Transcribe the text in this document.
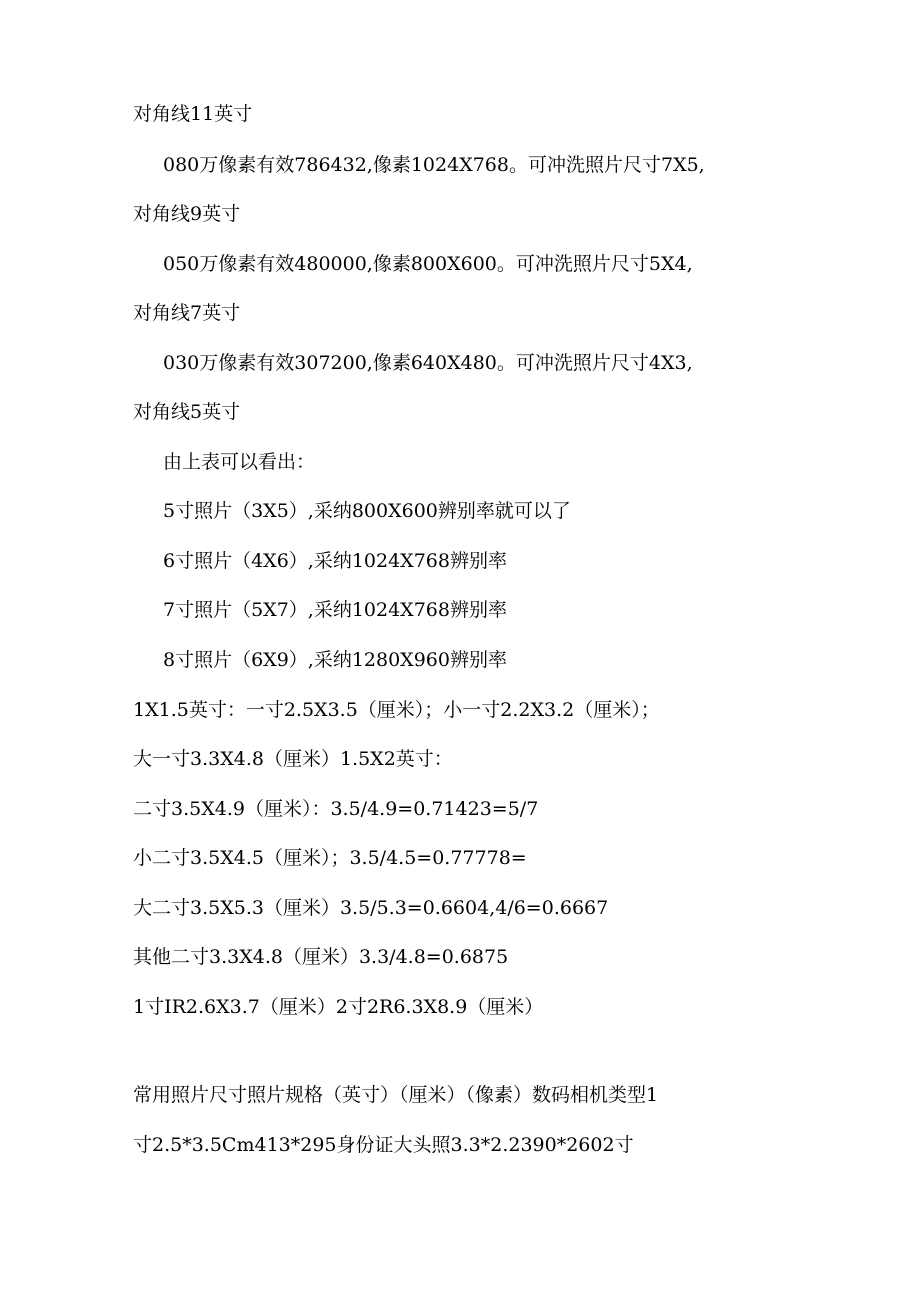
对角线11英寸
080万像素有效786432,像素1024X768。可冲洗照片尺寸7X5,
对角线9英寸
050万像素有效480000,像素800X600。可冲洗照片尺寸5X4,
对角线7英寸
030万像素有效307200,像素640X480。可冲洗照片尺寸4X3,
对角线5英寸
由上表可以看出：
5寸照片（3X5）,采纳800X600辨别率就可以了
6寸照片（4X6）,采纳1024X768辨别率
7寸照片（5X7）,采纳1024X768辨别率
8寸照片（6X9）,采纳1280X960辨别率
1X1.5英寸：一寸2.5X3.5（厘米）；小一寸2.2X3.2（厘米）；
大一寸3.3X4.8（厘米）1.5X2英寸：
二寸3.5X4.9（厘米）：3.5/4.9=0.71423=5/7
小二寸3.5X4.5（厘米）；3.5/4.5=0.77778=
大二寸3.5X5.3（厘米）3.5/5.3=0.6604,4/6=0.6667
其他二寸3.3X4.8（厘米）3.3/4.8=0.6875
1寸IR2.6X3.7（厘米）2寸2R6.3X8.9（厘米）
常用照片尺寸照片规格（英寸）（厘米）（像素）数码相机类型1
寸2.5*3.5Cm413*295身份证大头照3.3*2.2390*2602寸
